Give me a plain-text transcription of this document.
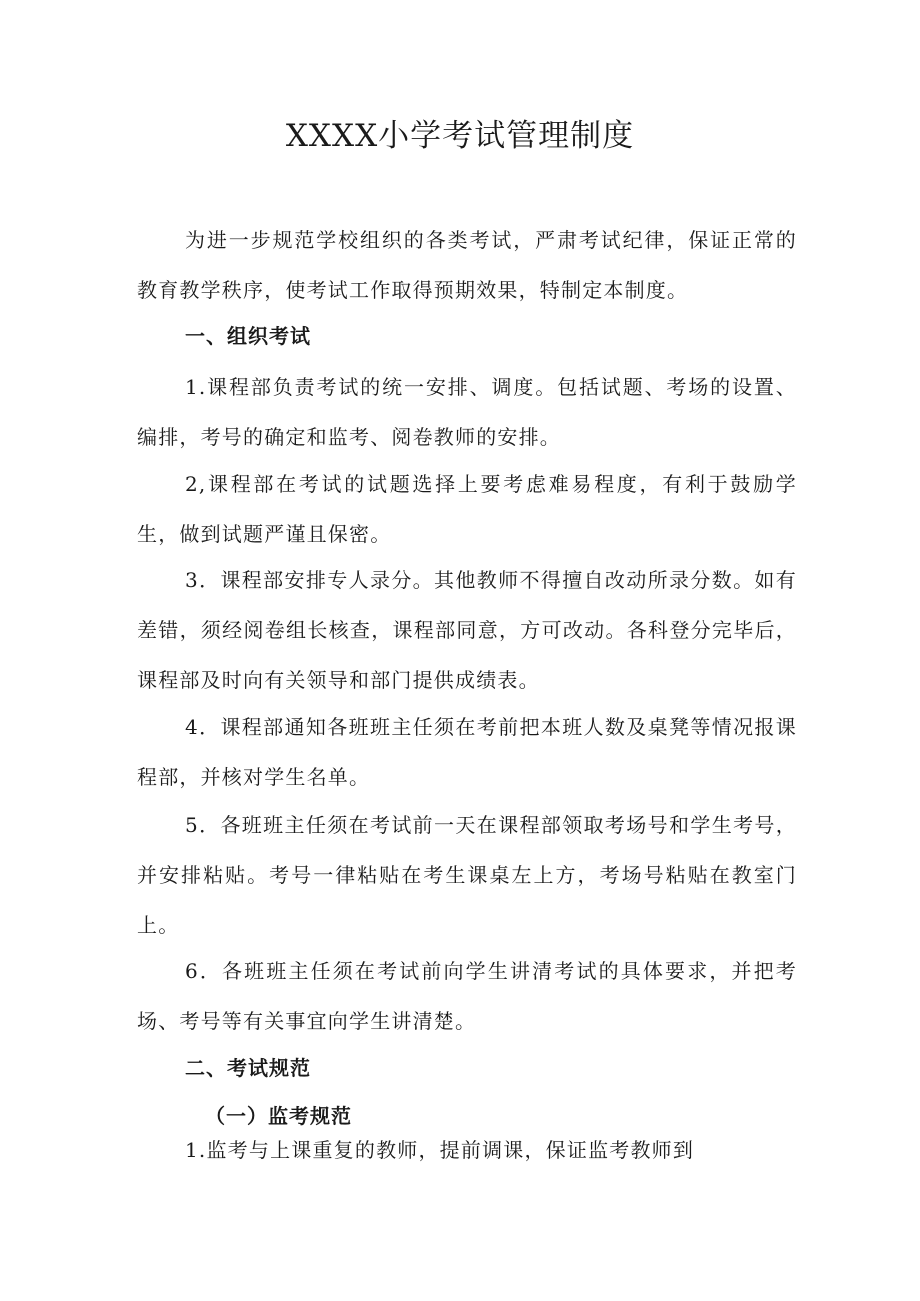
XXXX小学考试管理制度

为进一步规范学校组织的各类考试，严肃考试纪律，保证正常的教育教学秩序，使考试工作取得预期效果，特制定本制度。

一、组织考试

1.课程部负责考试的统一安排、调度。包括试题、考场的设置、编排，考号的确定和监考、阅卷教师的安排。

2,课程部在考试的试题选择上要考虑难易程度，有利于鼓励学生，做到试题严谨且保密。

3．课程部安排专人录分。其他教师不得擅自改动所录分数。如有差错，须经阅卷组长核查，课程部同意，方可改动。各科登分完毕后，课程部及时向有关领导和部门提供成绩表。

4．课程部通知各班班主任须在考前把本班人数及桌凳等情况报课程部，并核对学生名单。

5．各班班主任须在考试前一天在课程部领取考场号和学生考号，并安排粘贴。考号一律粘贴在考生课桌左上方，考场号粘贴在教室门上。

6．各班班主任须在考试前向学生讲清考试的具体要求，并把考场、考号等有关事宜向学生讲清楚。

二、考试规范
（一）监考规范

1.监考与上课重复的教师，提前调课，保证监考教师到
